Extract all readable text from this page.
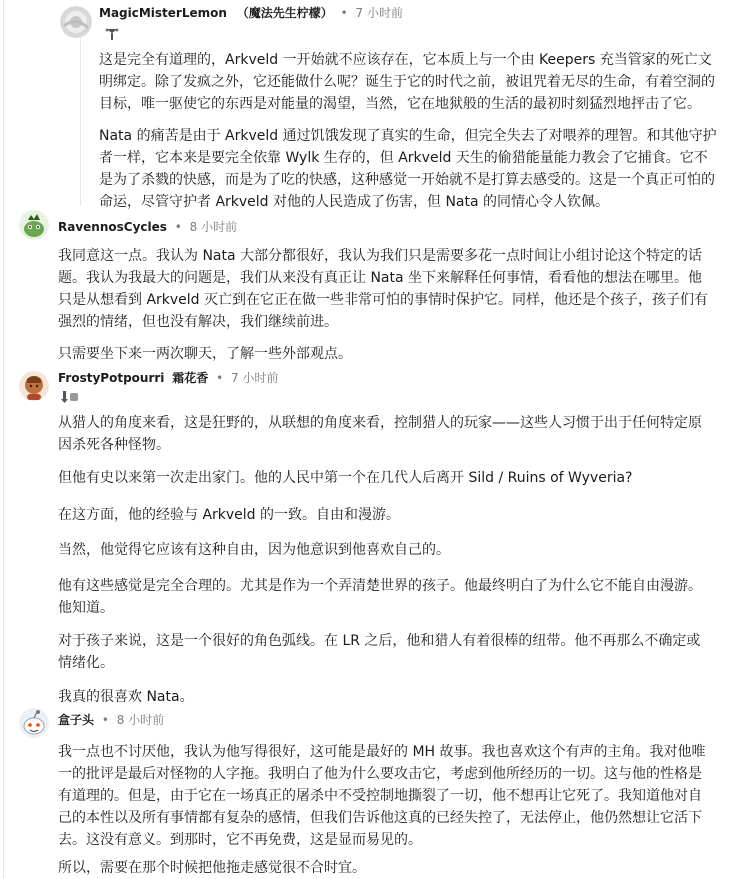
MagicMisterLemon （魔法先生柠檬） • 7 小时前

这是完全有道理的，Arkveld 一开始就不应该存在，它本质上与一个由 Keepers 充当管家的死亡文明绑定。除了发疯之外，它还能做什么呢？诞生于它的时代之前，被诅咒着无尽的生命，有着空洞的目标，唯一驱使它的东西是对能量的渴望，当然，它在地狱般的生活的最初时刻猛烈地抨击了它。

Nata 的痛苦是由于 Arkveld 通过饥饿发现了真实的生命，但完全失去了对喂养的理智。和其他守护者一样，它本来是要完全依靠 Wylk 生存的，但 Arkveld 天生的偷猎能量能力教会了它捕食。它不是为了杀戮的快感，而是为了吃的快感，这种感觉一开始就不是打算去感受的。这是一个真正可怕的命运，尽管守护者 Arkveld 对他的人民造成了伤害，但 Nata 的同情心令人钦佩。

RavennosCycles • 8 小时前

我同意这一点。我认为 Nata 大部分都很好，我认为我们只是需要多花一点时间让小组讨论这个特定的话题。我认为我最大的问题是，我们从来没有真正让 Nata 坐下来解释任何事情，看看他的想法在哪里。他只是从想看到 Arkveld 灭亡到在它正在做一些非常可怕的事情时保护它。同样，他还是个孩子，孩子们有强烈的情绪，但也没有解决，我们继续前进。

只需要坐下来一两次聊天，了解一些外部观点。

FrostyPotpourri 霜花香 • 7 小时前

从猎人的角度来看，这是狂野的，从联想的角度来看，控制猎人的玩家——这些人习惯于出于任何特定原因杀死各种怪物。

但他有史以来第一次走出家门。他的人民中第一个在几代人后离开 Sild / Ruins of Wyveria?

在这方面，他的经验与 Arkveld 的一致。自由和漫游。

当然，他觉得它应该有这种自由，因为他意识到他喜欢自己的。

他有这些感觉是完全合理的。尤其是作为一个弄清楚世界的孩子。他最终明白了为什么它不能自由漫游。他知道。

对于孩子来说，这是一个很好的角色弧线。在 LR 之后，他和猎人有着很棒的纽带。他不再那么不确定或情绪化。

我真的很喜欢 Nata。

盒子头 • 8 小时前

我一点也不讨厌他，我认为他写得很好，这可能是最好的 MH 故事。我也喜欢这个有声的主角。我对他唯一的批评是最后对怪物的人字拖。我明白了他为什么要攻击它，考虑到他所经历的一切。这与他的性格是有道理的。但是，由于它在一场真正的屠杀中不受控制地撕裂了一切，他不想再让它死了。我知道他对自己的本性以及所有事情都有复杂的感情，但我们告诉他这真的已经失控了，无法停止，他仍然想让它活下去。这没有意义。到那时，它不再免费，这是显而易见的。

所以，需要在那个时候把他拖走感觉很不合时宜。
